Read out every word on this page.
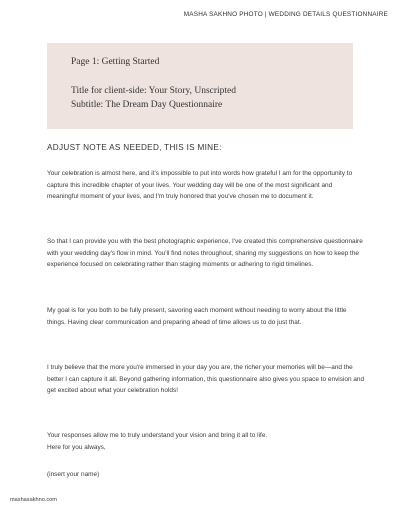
MASHA SAKHNO PHOTO | WEDDING DETAILS QUESTIONNAIRE
Page 1: Getting Started
Title for client-side: Your Story, Unscripted
Subtitle: The Dream Day Questionnaire
ADJUST NOTE AS NEEDED, THIS IS MINE:

Your celebration is almost here, and it's impossible to put into words how grateful I am for the opportunity to capture this incredible chapter of your lives. Your wedding day will be one of the most significant and meaningful moment of your lives, and I'm truly honored that you've chosen me to document it.

So that I can provide you with the best photographic experience, I've created this comprehensive questionnaire with your wedding day's flow in mind. You'll find notes throughout, sharing my suggestions on how to keep the experience focused on celebrating rather than staging moments or adhering to rigid timelines.

My goal is for you both to be fully present, savoring each moment without needing to worry about the little things. Having clear communication and preparing ahead of time allows us to do just that.

I truly believe that the more you're immersed in your day you are, the richer your memories will be—and the better I can capture it all. Beyond gathering information, this questionnaire also gives you space to envision and get excited about what your celebration holds!

Your responses allow me to truly understand your vision and bring it all to life.

Here for you always,

(insert your name)

mashasakhno.com
